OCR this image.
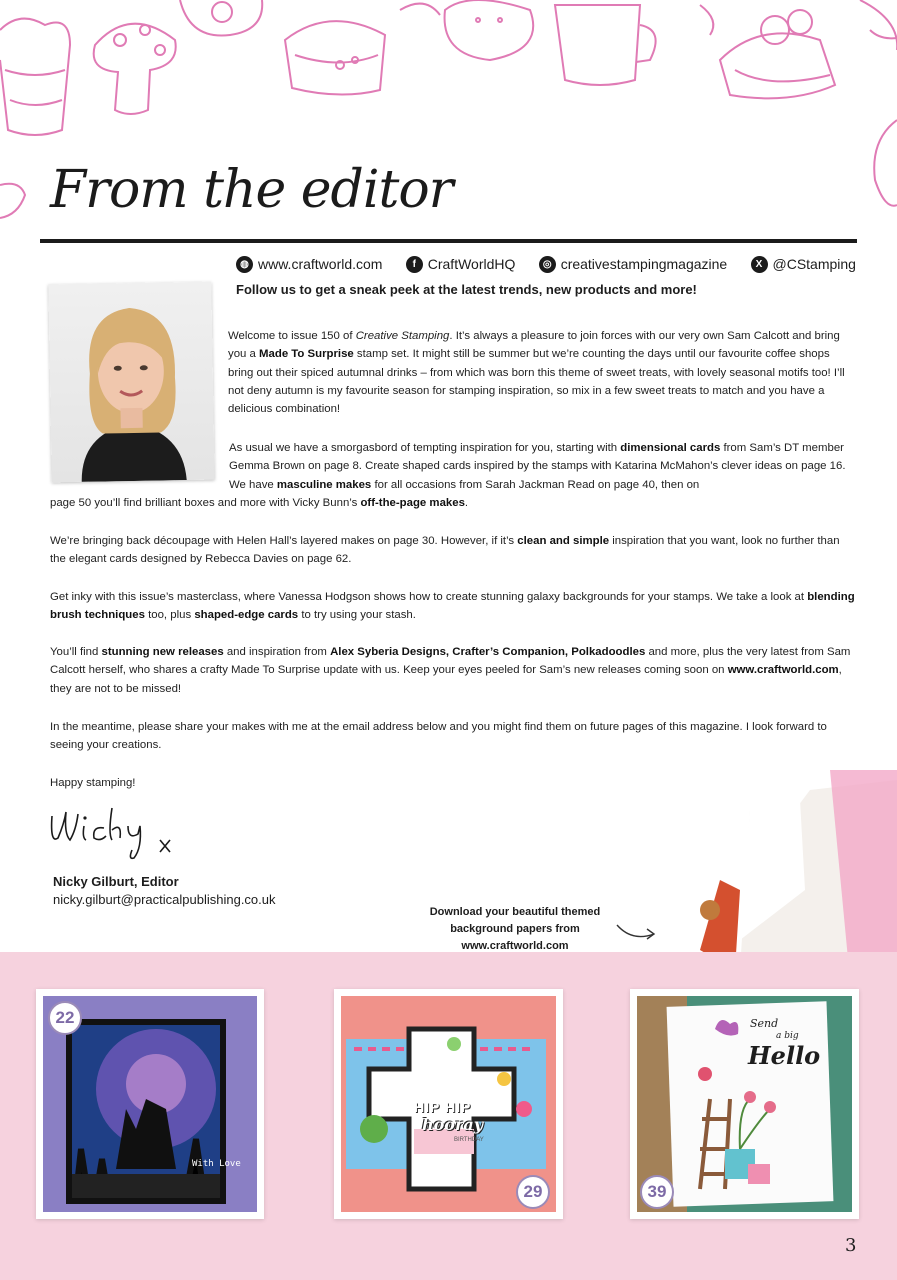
From the editor
◍ www.craftworld.com	f CraftWorldHQ	◎ creativestampingmagazine	X @CStamping
Follow us to get a sneak peek at the latest trends, new products and more!

Welcome to issue 150 of Creative Stamping. It’s always a pleasure to join forces with our very own Sam Calcott and bring you a Made To Surprise stamp set. It might still be summer but we’re counting the days until our favourite coffee shops bring out their spiced autumnal drinks – from which was born this theme of sweet treats, with lovely seasonal motifs too! I’ll not deny autumn is my favourite season for stamping inspiration, so mix in a few sweet treats to match and you have a delicious combination!

As usual we have a smorgasbord of tempting inspiration for you, starting with dimensional cards from Sam’s DT member Gemma Brown on page 8. Create shaped cards inspired by the stamps with Katarina McMahon’s clever ideas on page 16. We have masculine makes for all occasions from Sarah Jackman Read on page 40, then on

page 50 you’ll find brilliant boxes and more with Vicky Bunn’s off-the-page makes.

We’re bringing back découpage with Helen Hall’s layered makes on page 30. However, if it’s clean and simple inspiration that you want, look no further than the elegant cards designed by Rebecca Davies on page 62.

Get inky with this issue’s masterclass, where Vanessa Hodgson shows how to create stunning galaxy backgrounds for your stamps. We take a look at blending brush techniques too, plus shaped-edge cards to try using your stash.

You’ll find stunning new releases and inspiration from Alex Syberia Designs, Crafter’s Companion, Polkadoodles and more, plus the very latest from Sam Calcott herself, who shares a crafty Made To Surprise update with us. Keep your eyes peeled for Sam’s new releases coming soon on www.craftworld.com, they are not to be missed!

In the meantime, please share your makes with me at the email address below and you might find them on future pages of this magazine. I look forward to seeing your creations.

Happy stamping!

Nicky Gilburt, Editor
nicky.gilburt@practicalpublishing.co.uk
Download your beautiful themed background papers from
www.craftworld.com
With Love
22
HIP HIP
hooray
BIRTHDAY
29
Send
a big
Hello
39
3
